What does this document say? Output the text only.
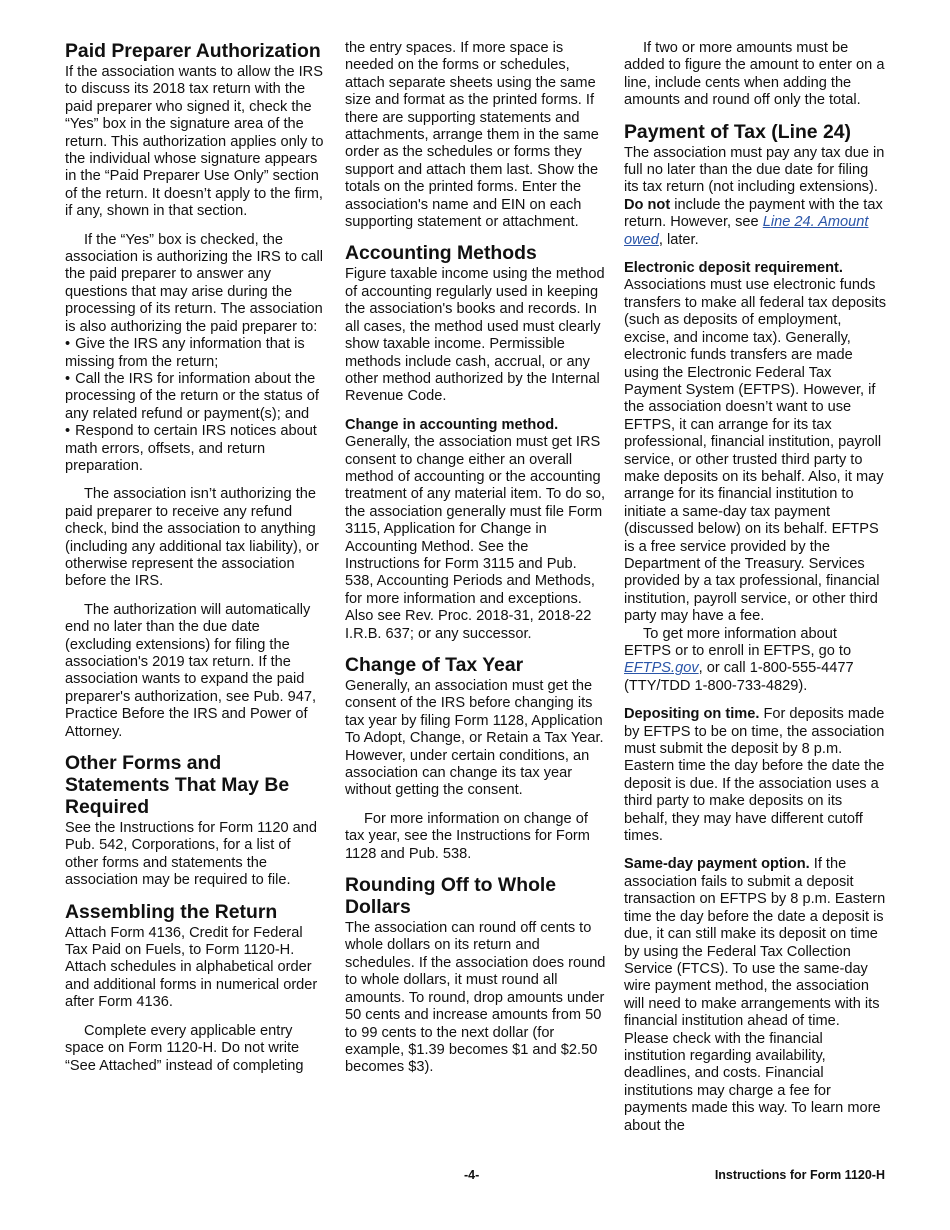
Paid Preparer Authorization

If the association wants to allow the IRS to discuss its 2018 tax return with the paid preparer who signed it, check the “Yes” box in the signature area of the return. This authorization applies only to the individual whose signature appears in the “Paid Preparer Use Only” section of the return. It doesn’t apply to the firm, if any, shown in that section.

If the “Yes” box is checked, the association is authorizing the IRS to call the paid preparer to answer any questions that may arise during the processing of its return. The association is also authorizing the paid preparer to:

• Give the IRS any information that is missing from the return;
• Call the IRS for information about the processing of the return or the status of any related refund or payment(s); and
• Respond to certain IRS notices about math errors, offsets, and return preparation.

The association isn’t authorizing the paid preparer to receive any refund check, bind the association to anything (including any additional tax liability), or otherwise represent the association before the IRS.

The authorization will automatically end no later than the due date (excluding extensions) for filing the association's 2019 tax return. If the association wants to expand the paid preparer's authorization, see Pub. 947, Practice Before the IRS and Power of Attorney.

Other Forms and Statements That May Be Required

See the Instructions for Form 1120 and Pub. 542, Corporations, for a list of other forms and statements the association may be required to file.

Assembling the Return

Attach Form 4136, Credit for Federal Tax Paid on Fuels, to Form 1120-H. Attach schedules in alphabetical order and additional forms in numerical order after Form 4136.

Complete every applicable entry space on Form 1120-H. Do not write “See Attached” instead of completing

the entry spaces. If more space is needed on the forms or schedules, attach separate sheets using the same size and format as the printed forms. If there are supporting statements and attachments, arrange them in the same order as the schedules or forms they support and attach them last. Show the totals on the printed forms. Enter the association's name and EIN on each supporting statement or attachment.

Accounting Methods

Figure taxable income using the method of accounting regularly used in keeping the association's books and records. In all cases, the method used must clearly show taxable income. Permissible methods include cash, accrual, or any other method authorized by the Internal Revenue Code.

Change in accounting method.
Generally, the association must get IRS consent to change either an overall method of accounting or the accounting treatment of any material item. To do so, the association generally must file Form 3115, Application for Change in Accounting Method. See the Instructions for Form 3115 and Pub. 538, Accounting Periods and Methods, for more information and exceptions. Also see Rev. Proc. 2018-31, 2018-22 I.R.B. 637; or any successor.

Change of Tax Year

Generally, an association must get the consent of the IRS before changing its tax year by filing Form 1128, Application To Adopt, Change, or Retain a Tax Year. However, under certain conditions, an association can change its tax year without getting the consent.

For more information on change of tax year, see the Instructions for Form 1128 and Pub. 538.

Rounding Off to Whole Dollars

The association can round off cents to whole dollars on its return and schedules. If the association does round to whole dollars, it must round all amounts. To round, drop amounts under 50 cents and increase amounts from 50 to 99 cents to the next dollar (for example, $1.39 becomes $1 and $2.50 becomes $3).

If two or more amounts must be added to figure the amount to enter on a line, include cents when adding the amounts and round off only the total.

Payment of Tax (Line 24)

The association must pay any tax due in full no later than the due date for filing its tax return (not including extensions). Do not include the payment with the tax return. However, see Line 24. Amount owed, later.

Electronic deposit requirement.
Associations must use electronic funds transfers to make all federal tax deposits (such as deposits of employment, excise, and income tax). Generally, electronic funds transfers are made using the Electronic Federal Tax Payment System (EFTPS). However, if the association doesn’t want to use EFTPS, it can arrange for its tax professional, financial institution, payroll service, or other trusted third party to make deposits on its behalf. Also, it may arrange for its financial institution to initiate a same-day tax payment (discussed below) on its behalf. EFTPS is a free service provided by the Department of the Treasury. Services provided by a tax professional, financial institution, payroll service, or other third party may have a fee.

To get more information about EFTPS or to enroll in EFTPS, go to EFTPS.gov, or call 1-800-555-4477 (TTY/TDD 1-800-733-4829).

Depositing on time. For deposits made by EFTPS to be on time, the association must submit the deposit by 8 p.m. Eastern time the day before the date the deposit is due. If the association uses a third party to make deposits on its behalf, they may have different cutoff times.

Same-day payment option. If the association fails to submit a deposit transaction on EFTPS by 8 p.m. Eastern time the day before the date a deposit is due, it can still make its deposit on time by using the Federal Tax Collection Service (FTCS). To use the same-day wire payment method, the association will need to make arrangements with its financial institution ahead of time. Please check with the financial institution regarding availability, deadlines, and costs. Financial institutions may charge a fee for payments made this way. To learn more about the

-4-	Instructions for Form 1120-H
